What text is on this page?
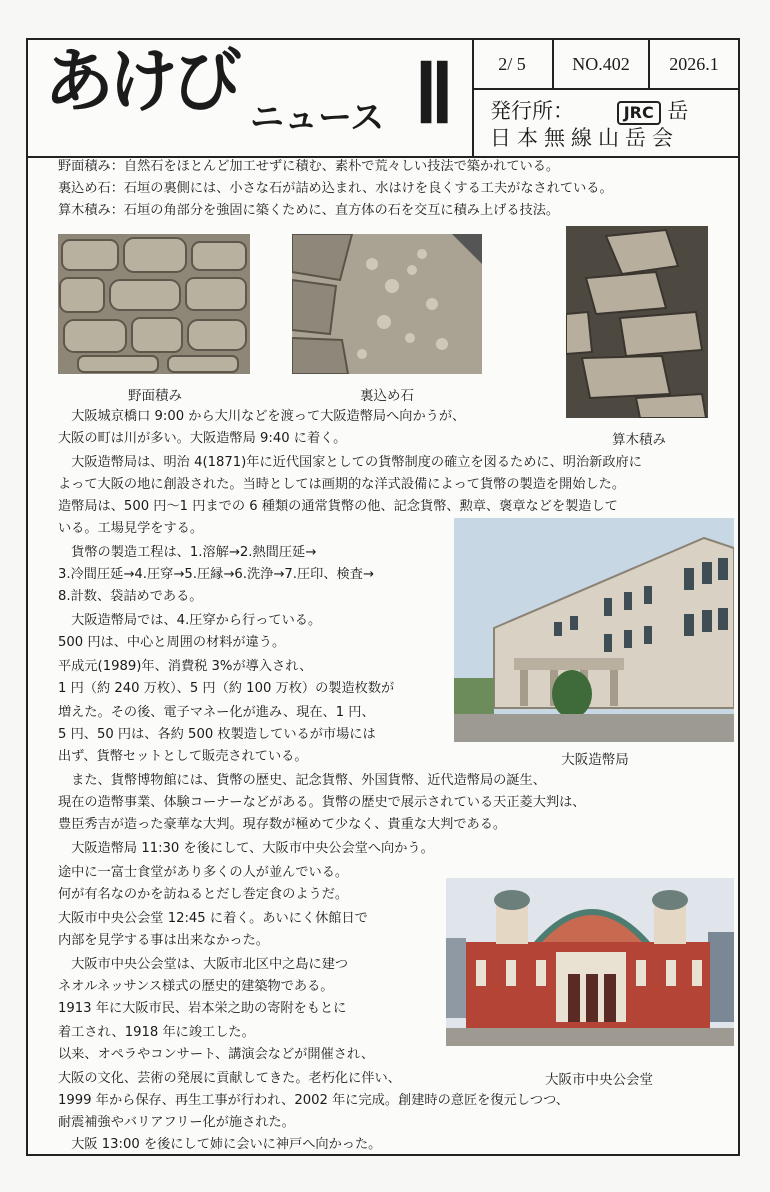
あけび ニュース Ⅱ	2/ 5	NO.402	2026.1
発行所：	JRC 岳
日本無線山岳会
野面積み：自然石をほとんど加工せずに積む、素朴で荒々しい技法で築かれている。
裏込め石：石垣の裏側には、小さな石が詰め込まれ、水はけを良くする工夫がなされている。
算木積み：石垣の角部分を強固に築くために、直方体の石を交互に積み上げる技法。
野面積み	裏込め石
算木積み
　大阪城京橋口 9:00 から大川などを渡って大阪造幣局へ向かうが、
大阪の町は川が多い。大阪造幣局 9:40 に着く。
　大阪造幣局は、明治 4(1871)年に近代国家としての貨幣制度の確立を図るために、明治新政府に
よって大阪の地に創設された。当時としては画期的な洋式設備によって貨幣の製造を開始した。
造幣局は、500 円～1 円までの 6 種類の通常貨幣の他、記念貨幣、勲章、褒章などを製造して
いる。工場見学をする。
大阪造幣局
　貨幣の製造工程は、1.溶解→2.熱間圧延→
3.冷間圧延→4.圧穿→5.圧縁→6.洗浄→7.圧印、検査→
8.計数、袋詰めである。
　大阪造幣局では、4.圧穿から行っている。
500 円は、中心と周囲の材料が違う。
平成元(1989)年、消費税 3%が導入され、
1 円（約 240 万枚）、5 円（約 100 万枚）の製造枚数が
増えた。その後、電子マネー化が進み、現在、1 円、
5 円、50 円は、各約 500 枚製造しているが市場には
出ず、貨幣セットとして販売されている。
　また、貨幣博物館には、貨幣の歴史、記念貨幣、外国貨幣、近代造幣局の誕生、
現在の造幣事業、体験コーナーなどがある。貨幣の歴史で展示されている天正菱大判は、
豊臣秀吉が造った豪華な大判。現存数が極めて少なく、貴重な大判である。
大阪市中央公会堂
　大阪造幣局 11:30 を後にして、大阪市中央公会堂へ向かう。
途中に一富士食堂があり多くの人が並んでいる。
何が有名なのかを訪ねるとだし巻定食のようだ。
大阪市中央公会堂 12:45 に着く。あいにく休館日で
内部を見学する事は出来なかった。
　大阪市中央公会堂は、大阪市北区中之島に建つ
ネオルネッサンス様式の歴史的建築物である。
1913 年に大阪市民、岩本栄之助の寄附をもとに
着工され、1918 年に竣工した。
以来、オペラやコンサート、講演会などが開催され、
大阪の文化、芸術の発展に貢献してきた。老朽化に伴い、
1999 年から保存、再生工事が行われ、2002 年に完成。創建時の意匠を復元しつつ、
耐震補強やバリアフリー化が施された。
　大阪 13:00 を後にして姉に会いに神戸へ向かった。
